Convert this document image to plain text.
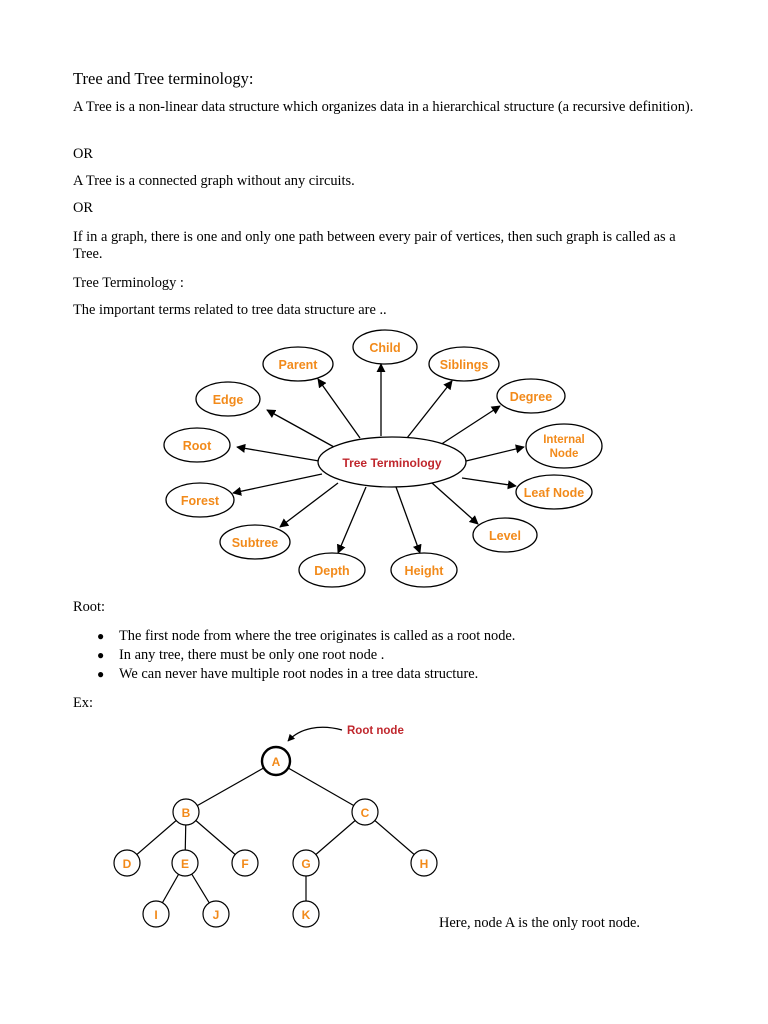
Tree and Tree terminology:

A Tree is a non-linear data structure which organizes data in a hierarchical structure (a recursive definition).

OR

A Tree is a connected graph without any circuits.

OR

If in a graph, there is one and only one path between every pair of vertices, then such graph is called as a Tree.

Tree Terminology :

The important terms related to tree data structure are ..

Tree Terminology
Child
Parent	Siblings
Edge	Degree
Root	Internal
Node
Forest
Leaf Node
Subtree	Level
Depth	Height
A
B	C
D	E	F	G	H
I	J	K
Root node

Root:

● The first node from where the tree originates is called as a root node.
● In any tree, there must be only one root node .
● We can never have multiple root nodes in a tree data structure.

Ex:

Here, node A is the only root node.
